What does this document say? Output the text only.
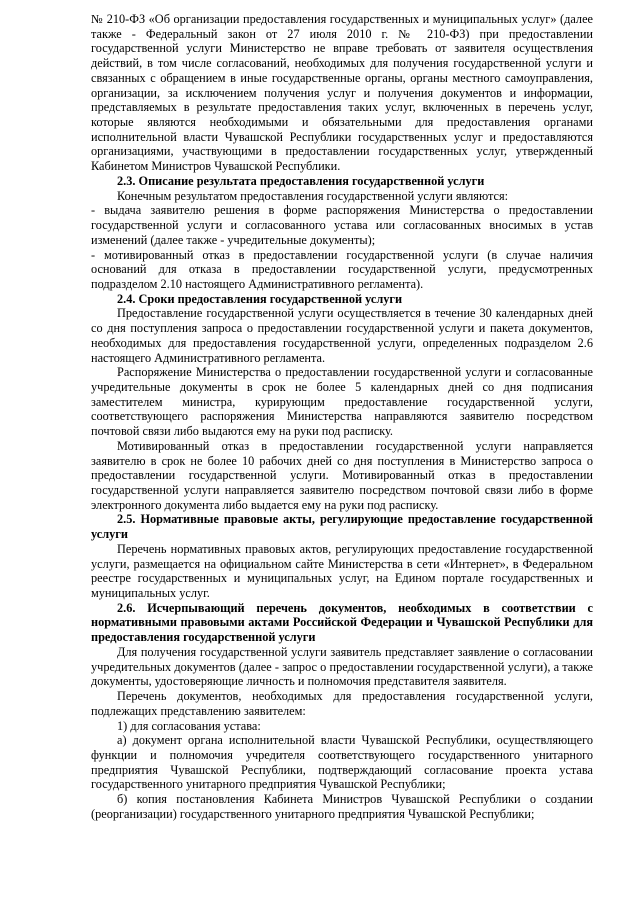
№ 210-ФЗ «Об организации предоставления государственных и муниципальных услуг» (далее также - Федеральный закон от 27 июля 2010 г. № 210-ФЗ) при предоставлении государственной услуги Министерство не вправе требовать от заявителя осуществления действий, в том числе согласований, необходимых для получения государственной услуги и связанных с обращением в иные государственные органы, органы местного самоуправления, организации, за исключением получения услуг и получения документов и информации, представляемых в результате предоставления таких услуг, включенных в перечень услуг, которые являются необходимыми и обязательными для предоставления органами исполнительной власти Чувашской Республики государственных услуг и предоставляются организациями, участвующими в предоставлении государственных услуг, утвержденный Кабинетом Министров Чувашской Республики.

2.3. Описание результата предоставления государственной услуги

Конечным результатом предоставления государственной услуги являются:

- выдача заявителю решения в форме распоряжения Министерства о предоставлении государственной услуги и согласованного устава или согласованных вносимых в устав изменений (далее также - учредительные документы);

- мотивированный отказ в предоставлении государственной услуги (в случае наличия оснований для отказа в предоставлении государственной услуги, предусмотренных подразделом 2.10 настоящего Административного регламента).

2.4. Сроки предоставления государственной услуги

Предоставление государственной услуги осуществляется в течение 30 календарных дней со дня поступления запроса о предоставлении государственной услуги и пакета документов, необходимых для предоставления государственной услуги, определенных подразделом 2.6 настоящего Административного регламента.

Распоряжение Министерства о предоставлении государственной услуги и согласованные учредительные документы в срок не более 5 календарных дней со дня подписания заместителем министра, курирующим предоставление государственной услуги, соответствующего распоряжения Министерства направляются заявителю посредством почтовой связи либо выдаются ему на руки под расписку.

Мотивированный отказ в предоставлении государственной услуги направляется заявителю в срок не более 10 рабочих дней со дня поступления в Министерство запроса о предоставлении государственной услуги. Мотивированный отказ в предоставлении государственной услуги направляется заявителю посредством почтовой связи либо в форме электронного документа либо выдается ему на руки под расписку.

2.5. Нормативные правовые акты, регулирующие предоставление государственной услуги

Перечень нормативных правовых актов, регулирующих предоставление государственной услуги, размещается на официальном сайте Министерства в сети «Интернет», в Федеральном реестре государственных и муниципальных услуг, на Едином портале государственных и муниципальных услуг.

2.6. Исчерпывающий перечень документов, необходимых в соответствии с нормативными правовыми актами Российской Федерации и Чувашской Республики для предоставления государственной услуги

Для получения государственной услуги заявитель представляет заявление о согласовании учредительных документов (далее - запрос о предоставлении государственной услуги), а также документы, удостоверяющие личность и полномочия представителя заявителя.

Перечень документов, необходимых для предоставления государственной услуги, подлежащих представлению заявителем:

1) для согласования устава:

а) документ органа исполнительной власти Чувашской Республики, осуществляющего функции и полномочия учредителя соответствующего государственного унитарного предприятия Чувашской Республики, подтверждающий согласование проекта устава государственного унитарного предприятия Чувашской Республики;

б) копия постановления Кабинета Министров Чувашской Республики о создании (реорганизации) государственного унитарного предприятия Чувашской Республики;
